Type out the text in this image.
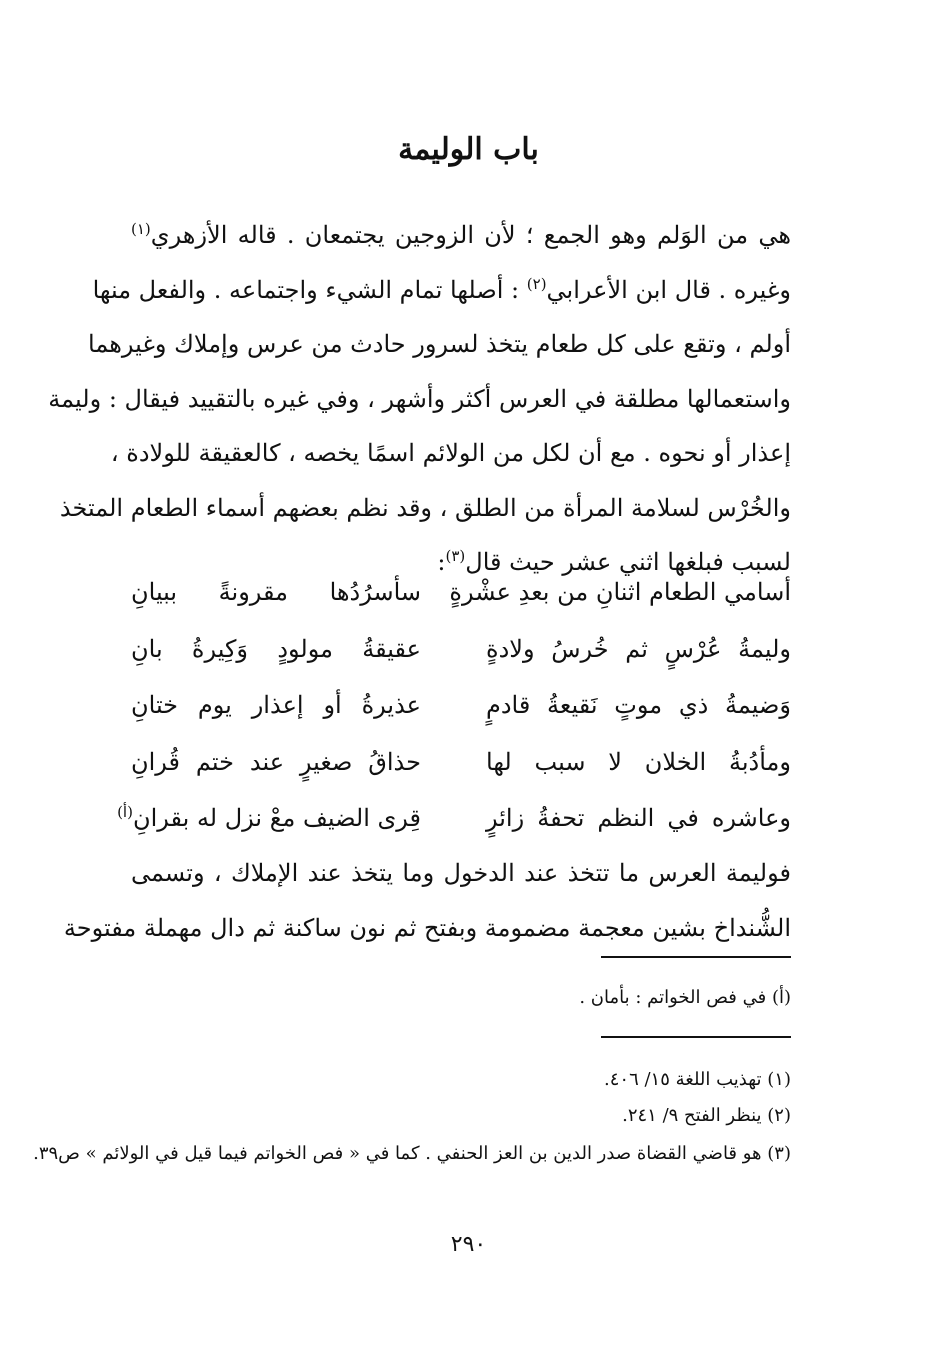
باب الوليمة
هي من الوَلم وهو الجمع ؛ لأن الزوجين يجتمعان . قاله الأزهري$^{(١)}$
وغيره . قال ابن الأعرابي$^{(٢)}$ : أصلها تمام الشيء واجتماعه . والفعل منها
أولم ، وتقع على كل طعام يتخذ لسرور حادث من عرس وإملاك وغيرهما
واستعمالها مطلقة في العرس أكثر وأشهر ، وفي غيره بالتقييد فيقال : وليمة
إعذار أو نحوه . مع أن لكل من الولائم اسمًا يخصه ، كالعقيقة للولادة ،
والخُرْس لسلامة المرأة من الطلق ، وقد نظم بعضهم أسماء الطعام المتخذ
لسبب فبلغها اثني عشر حيث قال$^{(٣)}$:
أسامي الطعام اثنانِ من بعدِ عشْرةٍ
سأسرُدُها مقرونةً ببيانِ
وليمةُ عُرْسٍ ثم خُرسُ ولادةٍ
عقيقةُ مولودٍ وَكِيرةُ بانِ
وَضيمةُ ذي موتٍ نَقيعةُ قادمٍ
عذيرةُ أو إعذار يوم ختانِ
ومأدُبةُ الخلان لا سبب لها
حذاقُ صغيرٍ عند ختم قُرانِ
وعاشره في النظم تحفةُ زائرٍ
قِرى الضيف معْ نزل له بقرانِ$^{(أ)}$
فوليمة العرس ما تتخذ عند الدخول وما يتخذ عند الإملاك ، وتسمى
الشُّنداخ بشين معجمة مضمومة وبفتح ثم نون ساكنة ثم دال مهملة مفتوحة
(أ) في فص الخواتم : بأمان .
(١) تهذيب اللغة ١٥/ ٤٠٦.
(٢) ينظر الفتح ٩/ ٢٤١.
(٣) هو قاضي القضاة صدر الدين بن العز الحنفي . كما في « فص الخواتم فيما قيل في الولائم » ص٣٩.
٢٩٠
